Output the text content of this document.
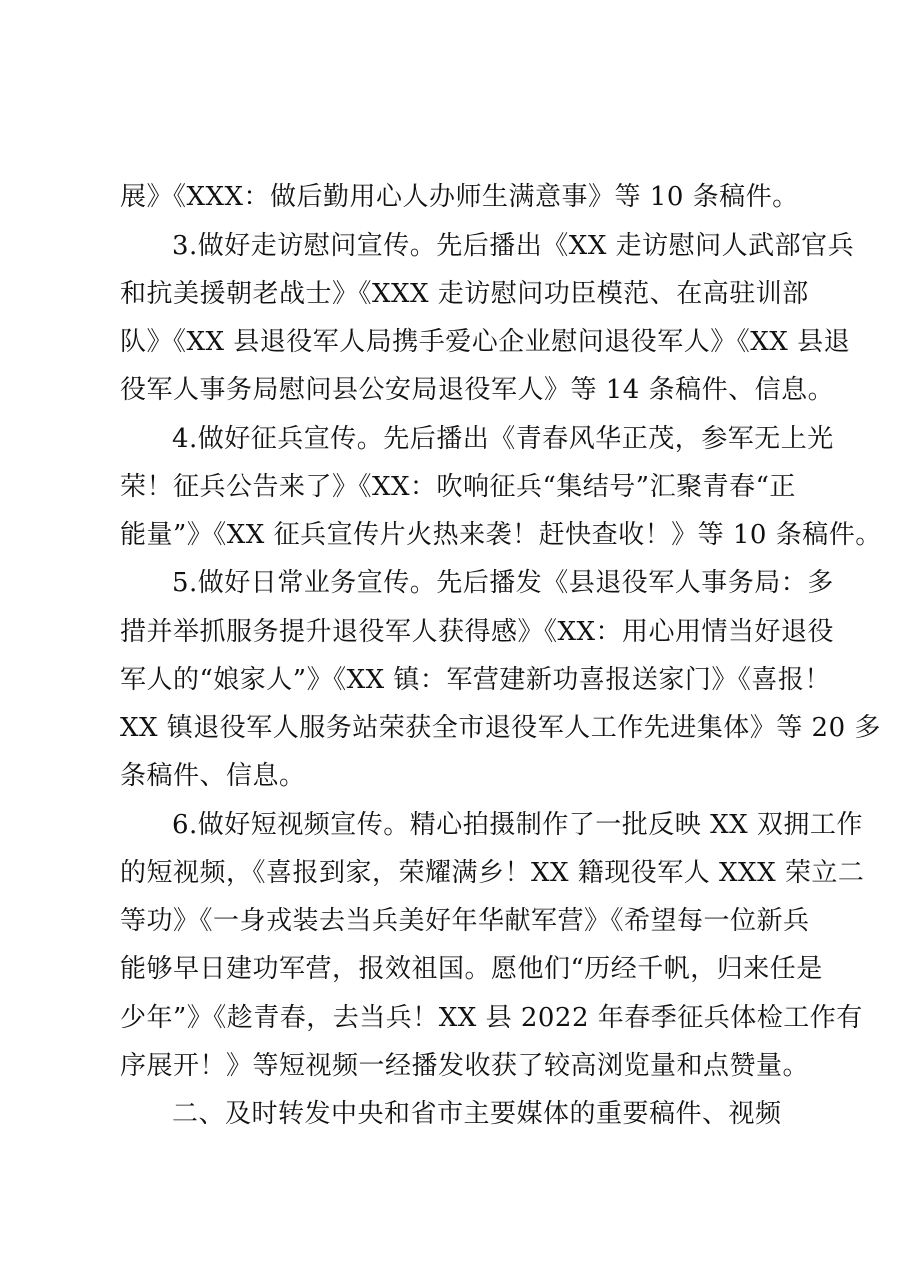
展》《XXX：做后勤用心人办师生满意事》等 10 条稿件。

3.做好走访慰问宣传。先后播出《XX 走访慰问人武部官兵

和抗美援朝老战士》《XXX 走访慰问功臣模范、在高驻训部

队》《XX 县退役军人局携手爱心企业慰问退役军人》《XX 县退

役军人事务局慰问县公安局退役军人》等 14 条稿件、信息。

4.做好征兵宣传。先后播出《青春风华正茂，参军无上光

荣！征兵公告来了》《XX：吹响征兵“集结号”汇聚青春“正

能量”》《XX 征兵宣传片火热来袭！赶快查收！》等 10 条稿件。

5.做好日常业务宣传。先后播发《县退役军人事务局：多

措并举抓服务提升退役军人获得感》《XX：用心用情当好退役

军人的“娘家人”》《XX 镇：军营建新功喜报送家门》《喜报！

XX 镇退役军人服务站荣获全市退役军人工作先进集体》等 20 多

条稿件、信息。

6.做好短视频宣传。精心拍摄制作了一批反映 XX 双拥工作

的短视频，《喜报到家，荣耀满乡！XX 籍现役军人 XXX 荣立二

等功》《一身戎装去当兵美好年华献军营》《希望每一位新兵

能够早日建功军营，报效祖国。愿他们“历经千帆，归来任是

少年”》《趁青春，去当兵！XX 县 2022 年春季征兵体检工作有

序展开！》等短视频一经播发收获了较高浏览量和点赞量。

二、及时转发中央和省市主要媒体的重要稿件、视频
